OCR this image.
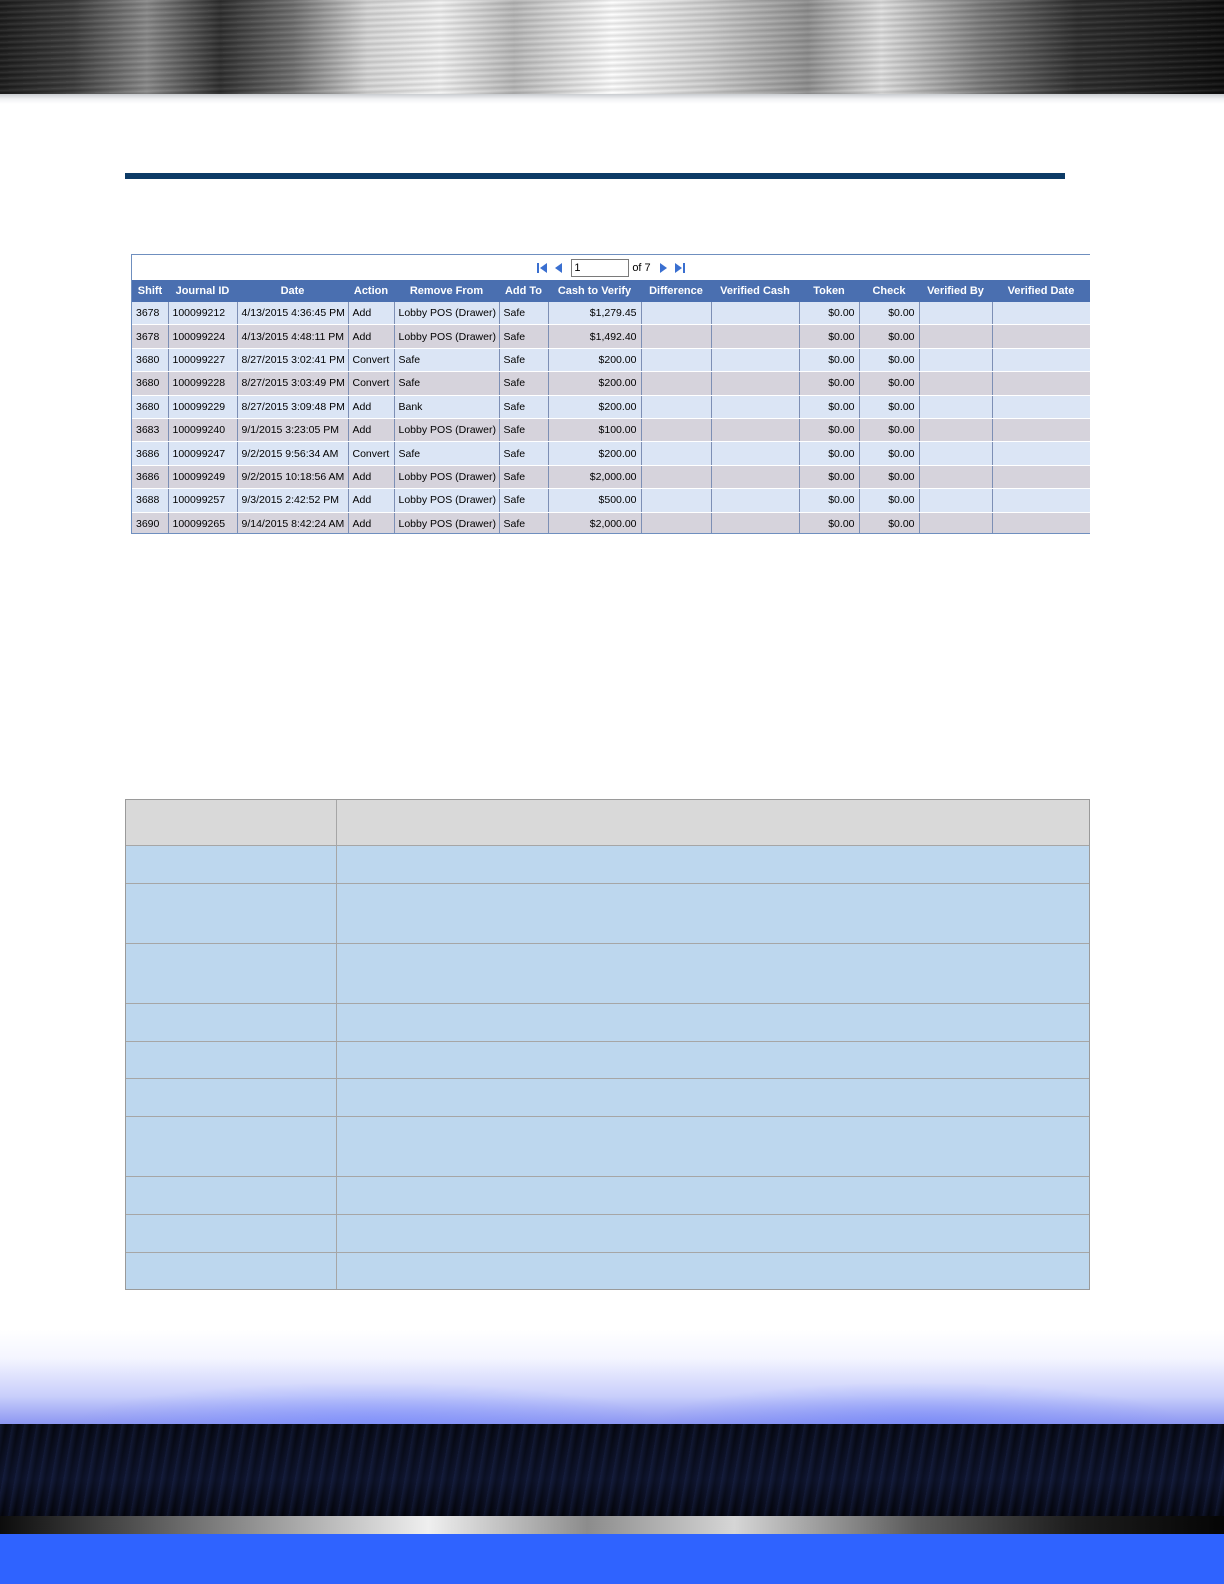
1
of 7
Shift	Journal ID	Date	Action	Remove From	Add To	Cash to Verify	Difference	Verified Cash	Token	Check	Verified By	Verified Date
3678	100099212	4/13/2015 4:36:45 PM	Add	Lobby POS (Drawer)	Safe	$1,279.45			$0.00	$0.00		
3678	100099224	4/13/2015 4:48:11 PM	Add	Lobby POS (Drawer)	Safe	$1,492.40			$0.00	$0.00		
3680	100099227	8/27/2015 3:02:41 PM	Convert	Safe	Safe	$200.00			$0.00	$0.00		
3680	100099228	8/27/2015 3:03:49 PM	Convert	Safe	Safe	$200.00			$0.00	$0.00		
3680	100099229	8/27/2015 3:09:48 PM	Add	Bank	Safe	$200.00			$0.00	$0.00		
3683	100099240	9/1/2015 3:23:05 PM	Add	Lobby POS (Drawer)	Safe	$100.00			$0.00	$0.00		
3686	100099247	9/2/2015 9:56:34 AM	Convert	Safe	Safe	$200.00			$0.00	$0.00		
3686	100099249	9/2/2015 10:18:56 AM	Add	Lobby POS (Drawer)	Safe	$2,000.00			$0.00	$0.00		
3688	100099257	9/3/2015 2:42:52 PM	Add	Lobby POS (Drawer)	Safe	$500.00			$0.00	$0.00		
3690	100099265	9/14/2015 8:42:24 AM	Add	Lobby POS (Drawer)	Safe	$2,000.00			$0.00	$0.00		
